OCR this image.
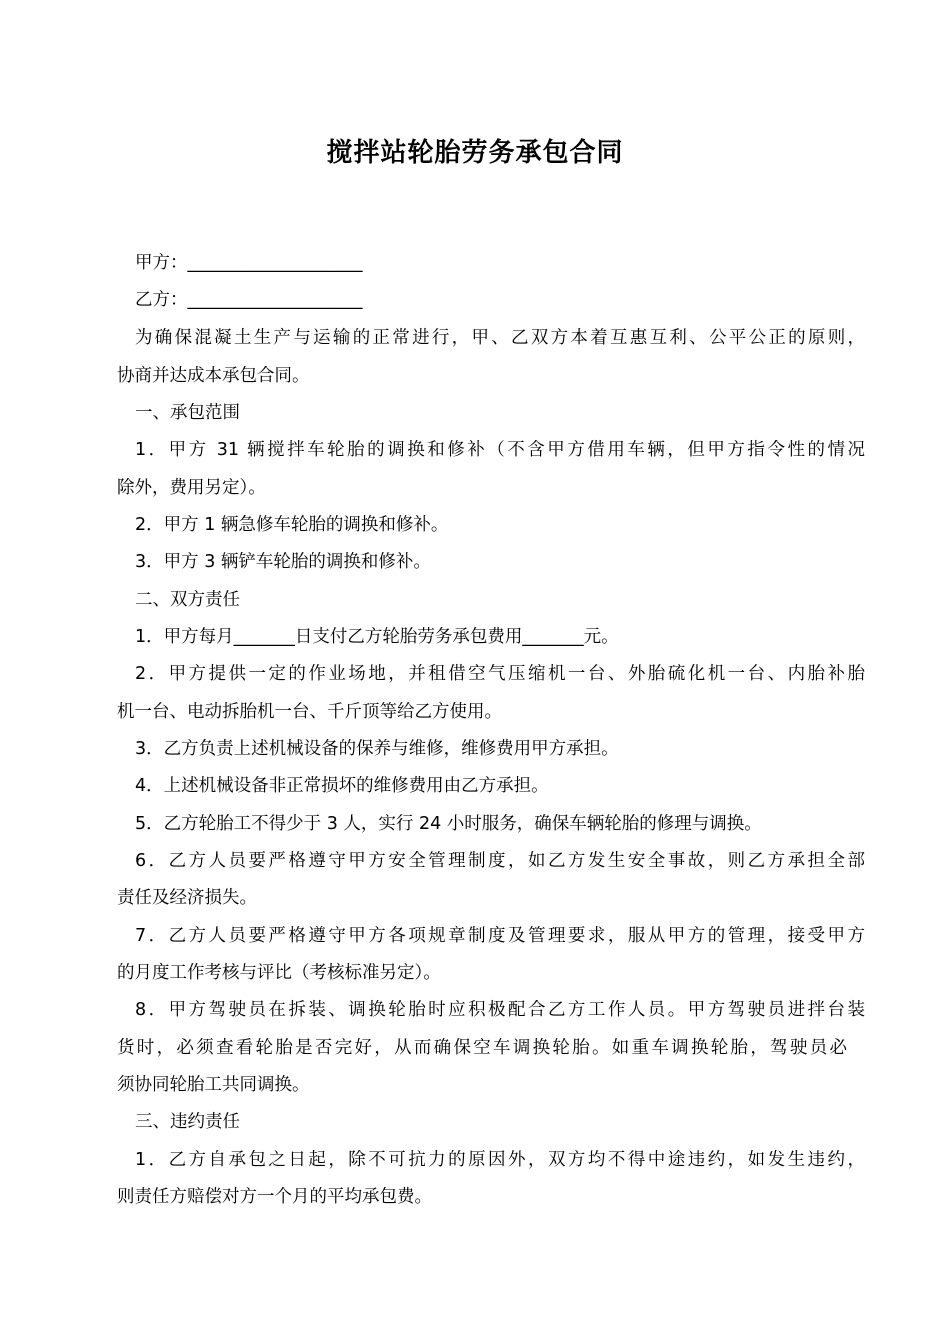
搅拌站轮胎劳务承包合同
甲方：____________________
乙方：____________________
为确保混凝土生产与运输的正常进行，甲、乙双方本着互惠互利、公平公正的原则，
协商并达成本承包合同。
一、承包范围
1．甲方 31 辆搅拌车轮胎的调换和修补（不含甲方借用车辆，但甲方指令性的情况
除外，费用另定）。
2．甲方 1 辆急修车轮胎的调换和修补。
3．甲方 3 辆铲车轮胎的调换和修补。
二、双方责任
1．甲方每月_______日支付乙方轮胎劳务承包费用_______元。
2．甲方提供一定的作业场地，并租借空气压缩机一台、外胎硫化机一台、内胎补胎
机一台、电动拆胎机一台、千斤顶等给乙方使用。
3．乙方负责上述机械设备的保养与维修，维修费用甲方承担。
4．上述机械设备非正常损坏的维修费用由乙方承担。
5．乙方轮胎工不得少于 3 人，实行 24 小时服务，确保车辆轮胎的修理与调换。
6．乙方人员要严格遵守甲方安全管理制度，如乙方发生安全事故，则乙方承担全部
责任及经济损失。
7．乙方人员要严格遵守甲方各项规章制度及管理要求，服从甲方的管理，接受甲方
的月度工作考核与评比（考核标准另定）。
8．甲方驾驶员在拆装、调换轮胎时应积极配合乙方工作人员。甲方驾驶员进拌台装
货时，必须查看轮胎是否完好，从而确保空车调换轮胎。如重车调换轮胎，驾驶员必
须协同轮胎工共同调换。
三、违约责任
1．乙方自承包之日起，除不可抗力的原因外，双方均不得中途违约，如发生违约，
则责任方赔偿对方一个月的平均承包费。
